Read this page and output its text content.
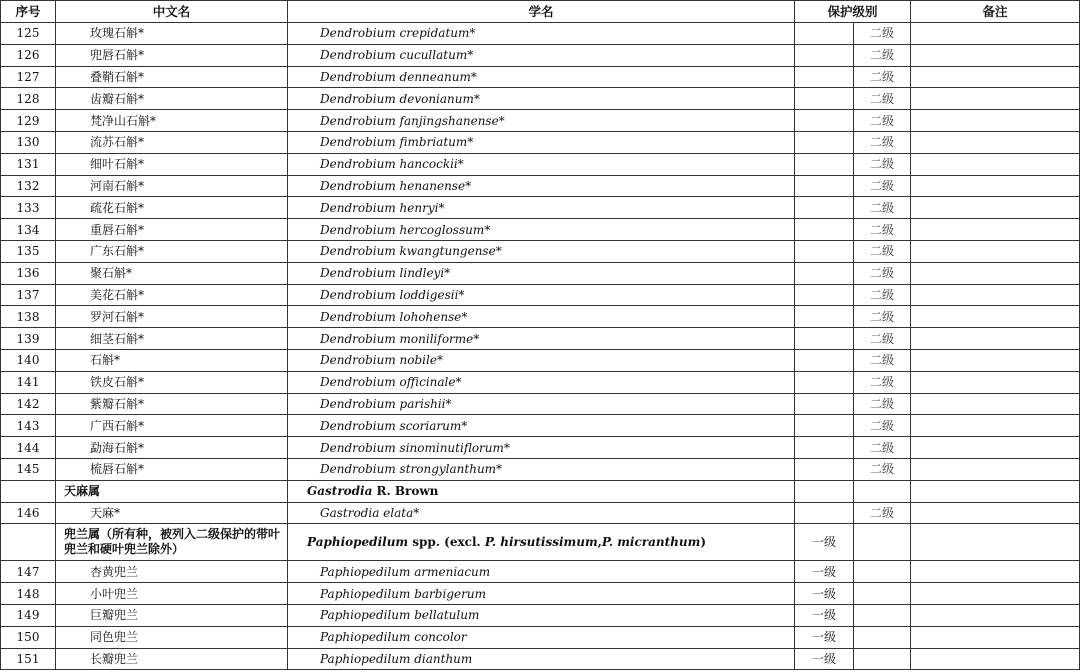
序号	中文名	学名	保护级别		备注
125	玫瑰石斛*	Dendrobium crepidatum*		二级	
126	兜唇石斛*	Dendrobium cucullatum*		二级	
127	叠鞘石斛*	Dendrobium denneanum*		二级	
128	齿瓣石斛*	Dendrobium devonianum*		二级	
129	梵净山石斛*	Dendrobium fanjingshanense*		二级	
130	流苏石斛*	Dendrobium fimbriatum*		二级	
131	细叶石斛*	Dendrobium hancockii*		二级	
132	河南石斛*	Dendrobium henanense*		二级	
133	疏花石斛*	Dendrobium henryi*		二级	
134	重唇石斛*	Dendrobium hercoglossum*		二级	
135	广东石斛*	Dendrobium kwangtungense*		二级	
136	聚石斛*	Dendrobium lindleyi*		二级	
137	美花石斛*	Dendrobium loddigesii*		二级	
138	罗河石斛*	Dendrobium lohohense*		二级	
139	细茎石斛*	Dendrobium moniliforme*		二级	
140	石斛*	Dendrobium nobile*		二级	
141	铁皮石斛*	Dendrobium officinale*		二级	
142	紫瓣石斛*	Dendrobium parishii*		二级	
143	广西石斛*	Dendrobium scoriarum*		二级	
144	勐海石斛*	Dendrobium sinominutiflorum*		二级	
145	梳唇石斛*	Dendrobium strongylanthum*		二级	
	天麻属	Gastrodia R. Brown			
146	天麻*	Gastrodia elata*		二级	
	兜兰属（所有种，被列入二级保护的带叶兜兰和硬叶兜兰除外）	Paphiopedilum spp. (excl. P. hirsutissimum,P. micranthum)	一级		
147	杏黄兜兰	Paphiopedilum armeniacum	一级		
148	小叶兜兰	Paphiopedilum barbigerum	一级		
149	巨瓣兜兰	Paphiopedilum bellatulum	一级		
150	同色兜兰	Paphiopedilum concolor	一级		
151	长瓣兜兰	Paphiopedilum dianthum	一级		
